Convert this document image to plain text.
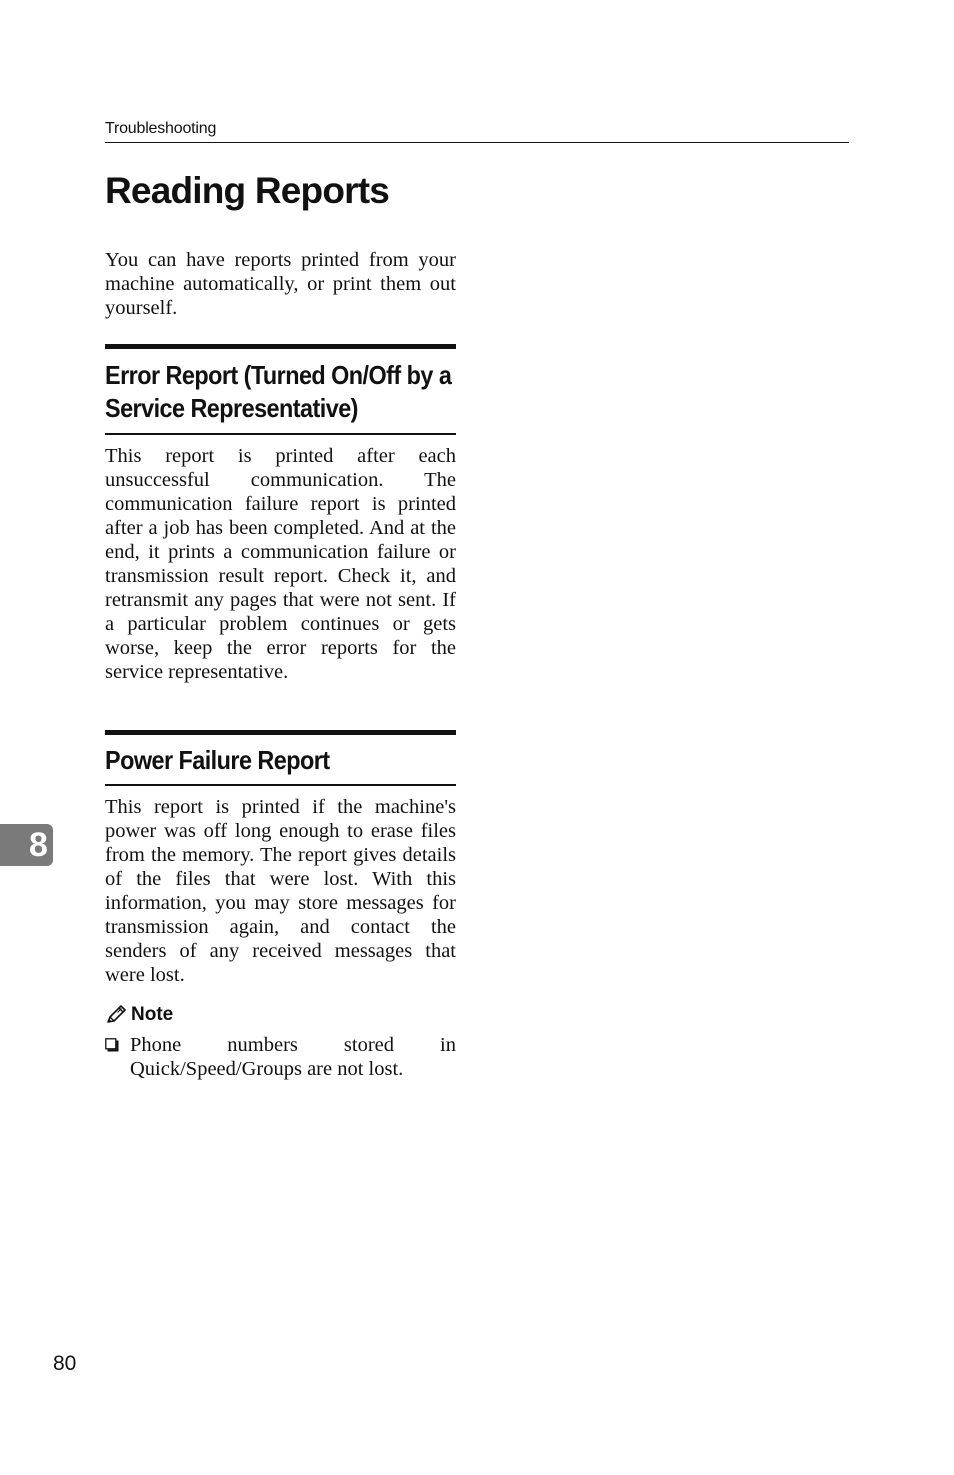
Troubleshooting
Reading Reports

You can have reports printed from your machine automatically, or print them out yourself.

Error Report (Turned On/Off by a Service Representative)

This report is printed after each unsuccessful communication. The communication failure report is printed after a job has been completed. And at the end, it prints a communication failure or transmission result report. Check it, and retransmit any pages that were not sent. If a particular problem continues or gets worse, keep the error reports for the service representative.

Power Failure Report

This report is printed if the machine's power was off long enough to erase files from the memory. The report gives details of the files that were lost. With this information, you may store messages for transmission again, and contact the senders of any received messages that were lost.

Note

Phone numbers stored in Quick/Speed/Groups are not lost.

8
80
